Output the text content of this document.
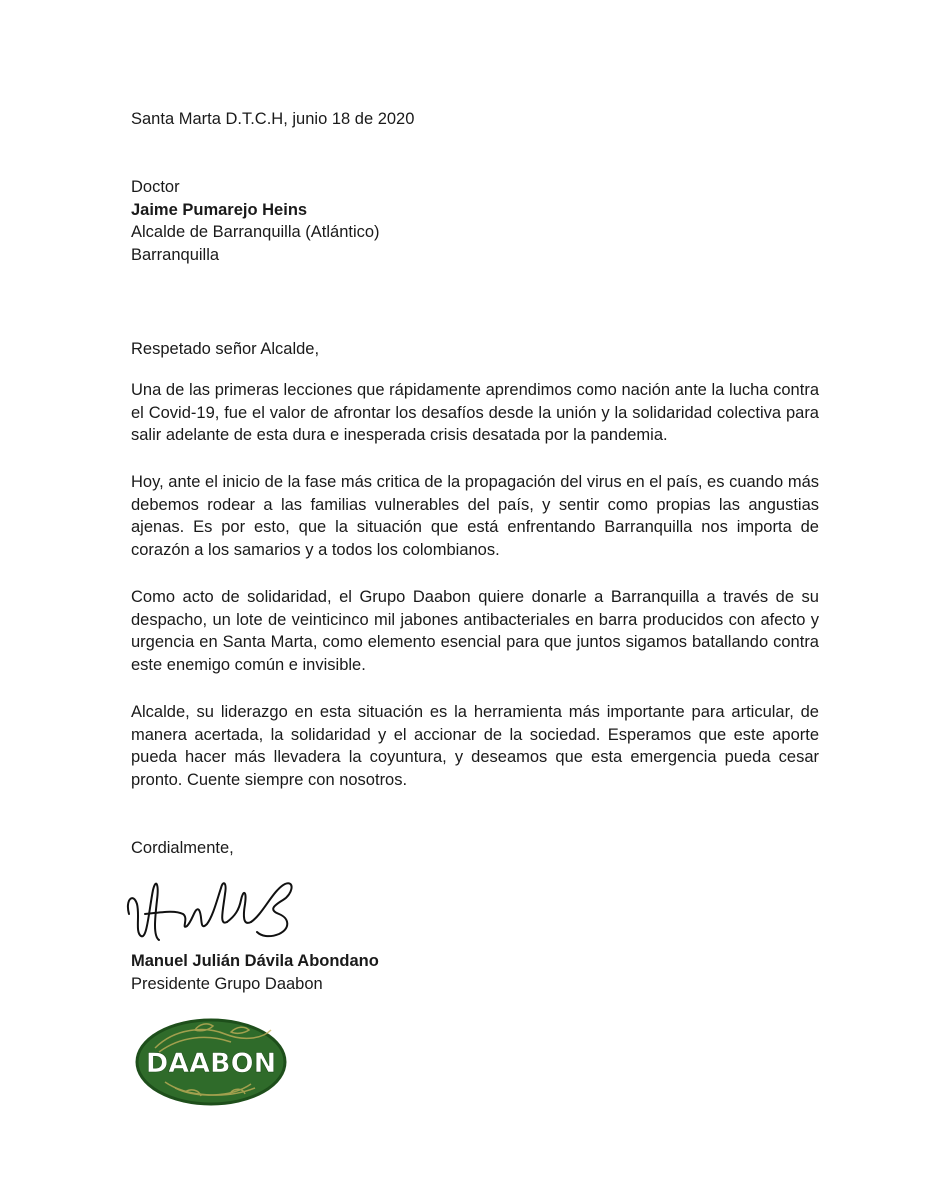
Santa Marta D.T.C.H, junio 18 de 2020

Doctor

Jaime Pumarejo Heins

Alcalde de Barranquilla (Atlántico)

Barranquilla

Respetado señor Alcalde,

Una de las primeras lecciones que rápidamente aprendimos como nación ante la lucha contra el Covid-19, fue el valor de afrontar los desafíos desde la unión y la solidaridad colectiva para salir adelante de esta dura e inesperada crisis desatada por la pandemia.

Hoy, ante el inicio de la fase más critica de la propagación del virus en el país, es cuando más debemos rodear a las familias vulnerables del país, y sentir como propias las angustias ajenas. Es por esto, que la situación que está enfrentando Barranquilla nos importa de corazón a los samarios y a todos los colombianos.

Como acto de solidaridad, el Grupo Daabon quiere donarle a Barranquilla a través de su despacho, un lote de veinticinco mil jabones antibacteriales en barra producidos con afecto y urgencia en Santa Marta, como elemento esencial para que juntos sigamos batallando contra este enemigo común e invisible.

Alcalde, su liderazgo en esta situación es la herramienta más importante para articular, de manera acertada, la solidaridad y el accionar de la sociedad. Esperamos que este aporte pueda hacer más llevadera la coyuntura, y deseamos que esta emergencia pueda cesar pronto. Cuente siempre con nosotros.

Cordialmente,

Manuel Julián Dávila Abondano

Presidente Grupo Daabon

DAABON
